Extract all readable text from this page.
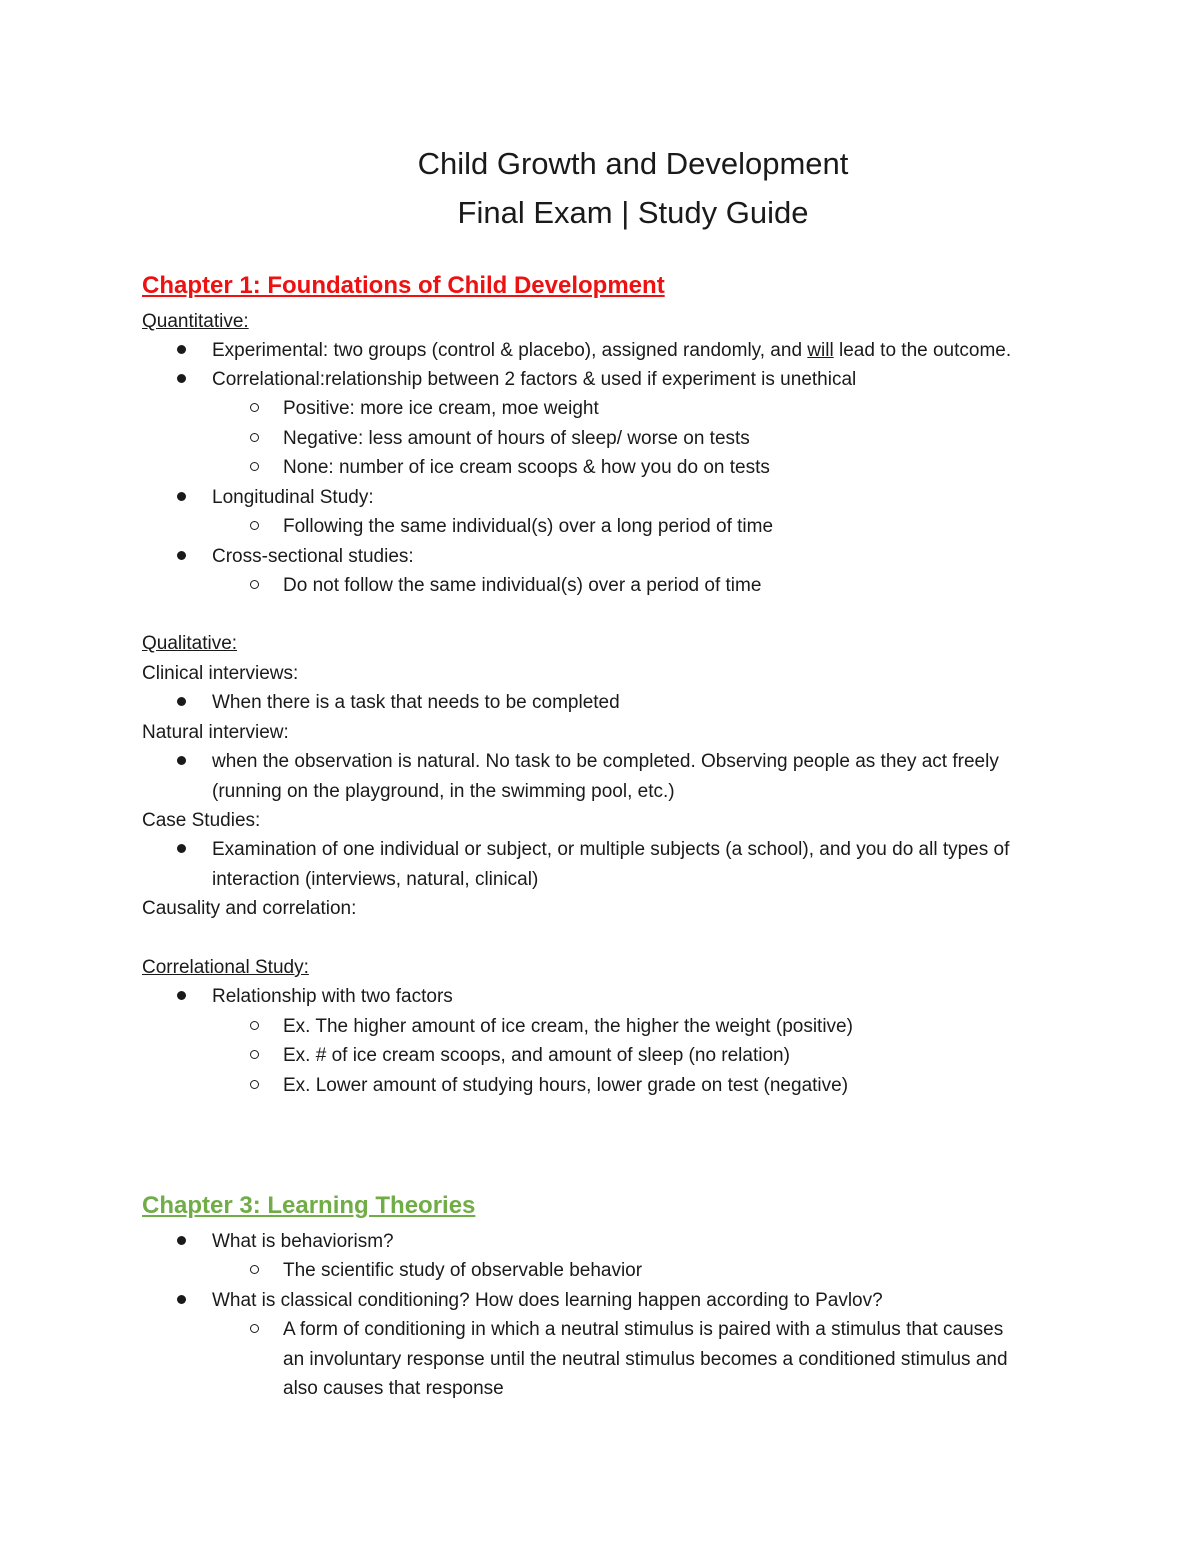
Child Growth and Development
Final Exam | Study Guide
Chapter 1: Foundations of Child Development
Quantitative:
Experimental: two groups (control & placebo), assigned randomly, and will lead to the outcome.
Correlational:relationship between 2 factors & used if experiment is unethical
Positive: more ice cream, moe weight
Negative: less amount of hours of sleep/ worse on tests
None: number of ice cream scoops & how you do on tests
Longitudinal Study:
Following the same individual(s) over a long period of time
Cross-sectional studies:
Do not follow the same individual(s) over a period of time
Qualitative:
Clinical interviews:
When there is a task that needs to be completed
Natural interview:
when the observation is natural. No task to be completed. Observing people as they act freely
(running on the playground, in the swimming pool, etc.)
Case Studies:
Examination of one individual or subject, or multiple subjects (a school), and you do all types of
interaction (interviews, natural, clinical)
Causality and correlation:
Correlational Study:
Relationship with two factors
Ex. The higher amount of ice cream, the higher the weight (positive)
Ex. # of ice cream scoops, and amount of sleep (no relation)
Ex. Lower amount of studying hours, lower grade on test (negative)
Chapter 3: Learning Theories
What is behaviorism?
The scientific study of observable behavior
What is classical conditioning? How does learning happen according to Pavlov?
A form of conditioning in which a neutral stimulus is paired with a stimulus that causes
an involuntary response until the neutral stimulus becomes a conditioned stimulus and
also causes that response
